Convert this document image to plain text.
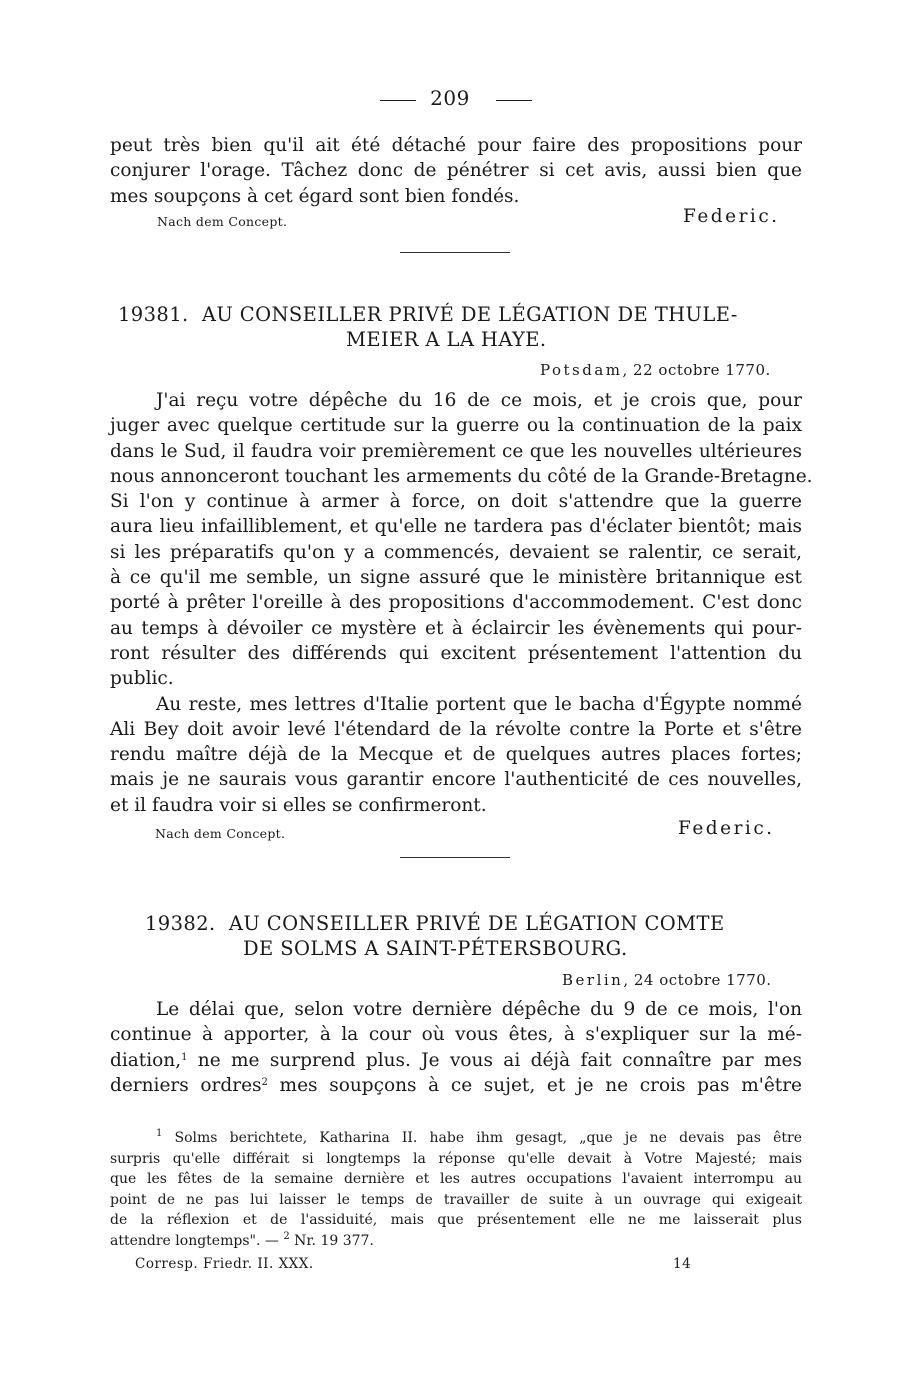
209
peut très bien qu'il ait été détaché pour faire des propositions pour
conjurer l'orage. Tâchez donc de pénétrer si cet avis, aussi bien que
mes soupçons à cet égard sont bien fondés.
Nach dem Concept.	Federic.
19381. AU CONSEILLER PRIVÉ DE LÉGATION DE THULE-
MEIER A LA HAYE.
Potsdam, 22 octobre 1770.
J'ai reçu votre dépêche du 16 de ce mois, et je crois que, pour
juger avec quelque certitude sur la guerre ou la continuation de la paix
dans le Sud, il faudra voir premièrement ce que les nouvelles ultérieures
nous annonceront touchant les armements du côté de la Grande-Bretagne.
Si l'on y continue à armer à force, on doit s'attendre que la guerre
aura lieu infailliblement, et qu'elle ne tardera pas d'éclater bientôt; mais
si les préparatifs qu'on y a commencés, devaient se ralentir, ce serait,
à ce qu'il me semble, un signe assuré que le ministère britannique est
porté à prêter l'oreille à des propositions d'accommodement. C'est donc
au temps à dévoiler ce mystère et à éclaircir les évènements qui pour-
ront résulter des différends qui excitent présentement l'attention du
public.
Au reste, mes lettres d'Italie portent que le bacha d'Égypte nommé
Ali Bey doit avoir levé l'étendard de la révolte contre la Porte et s'être
rendu maître déjà de la Mecque et de quelques autres places fortes;
mais je ne saurais vous garantir encore l'authenticité de ces nouvelles,
et il faudra voir si elles se confirmeront.
Nach dem Concept.	Federic.
19382. AU CONSEILLER PRIVÉ DE LÉGATION COMTE
DE SOLMS A SAINT-PÉTERSBOURG.
Berlin, 24 octobre 1770.
Le délai que, selon votre dernière dépêche du 9 de ce mois, l'on
continue à apporter, à la cour où vous êtes, à s'expliquer sur la mé-
diation,$^1$ ne me surprend plus. Je vous ai déjà fait connaître par mes
derniers ordres$^2$ mes soupçons à ce sujet, et je ne crois pas m'être
$^1$ Solms berichtete, Katharina II. habe ihm gesagt, „que je ne devais pas être
surpris qu'elle différait si longtemps la réponse qu'elle devait à Votre Majesté; mais
que les fêtes de la semaine dernière et les autres occupations l'avaient interrompu au
point de ne pas lui laisser le temps de travailler de suite à un ouvrage qui exigeait
de la réflexion et de l'assiduité, mais que présentement elle ne me laisserait plus
attendre longtemps". — $^2$ Nr. 19 377.
Corresp. Friedr. II. XXX.	14
